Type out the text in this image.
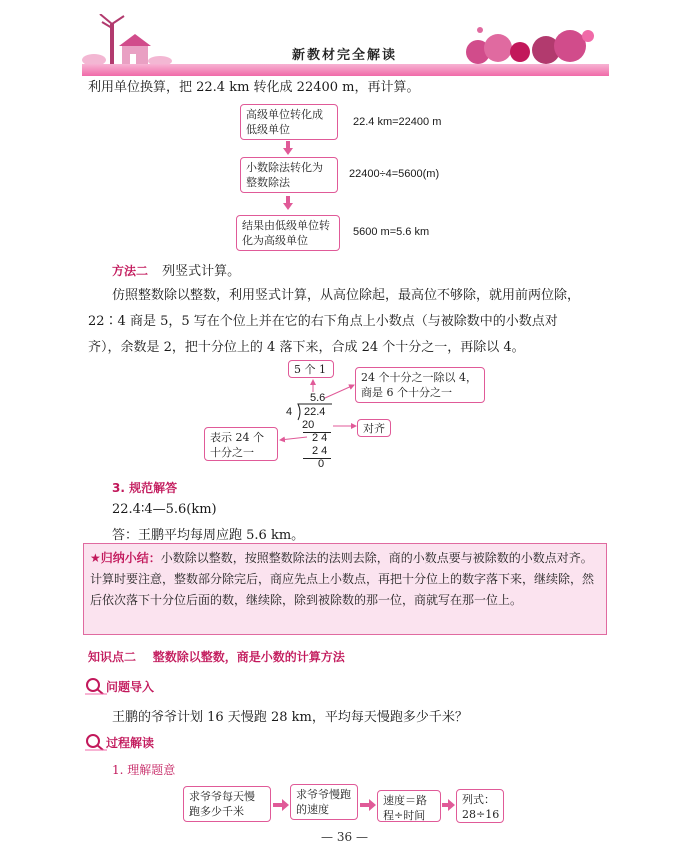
新教材完全解读
利用单位换算，把 22.4 km 转化成 22400 m，再计算。
高级单位转化成低级单位
22.4 km=22400 m
小数除法转化为整数除法
22400÷4=5600(m)
结果由低级单位转化为高级单位
5600 m=5.6 km
方法二 列竖式计算。
仿照整数除以整数，利用竖式计算，从高位除起，最高位不够除，就用前两位除，
22∶4 商是 5，5 写在个位上并在它的右下角点上小数点（与被除数中的小数点对
齐），余数是 2，把十分位上的 4 落下来，合成 24 个十分之一，再除以 4。
5 个 1
24 个十分之一除以 4，商是 6 个十分之一
表示 24 个十分之一
对齐
5.6
4 22.4
20
2 4
2 4
0
3. 规范解答
22.4∶4—5.6(km)
答：王鹏平均每周应跑 5.6 km。
★归纳小结：小数除以整数，按照整数除法的法则去除，商的小数点要与被除数的小数点对齐。计算时要注意，整数部分除完后，商应先点上小数点，再把十分位上的数字落下来，继续除，然后依次落下十分位后面的数，继续除，除到被除数的那一位，商就写在那一位上。
知识点二 整数除以整数，商是小数的计算方法
问题导入
王鹏的爷爷计划 16 天慢跑 28 km，平均每天慢跑多少千米？
过程解读
1. 理解题意
求爷爷每天慢跑多少千米
求爷爷慢跑的速度
速度＝路程÷时间
列式：28÷16
— 36 —
